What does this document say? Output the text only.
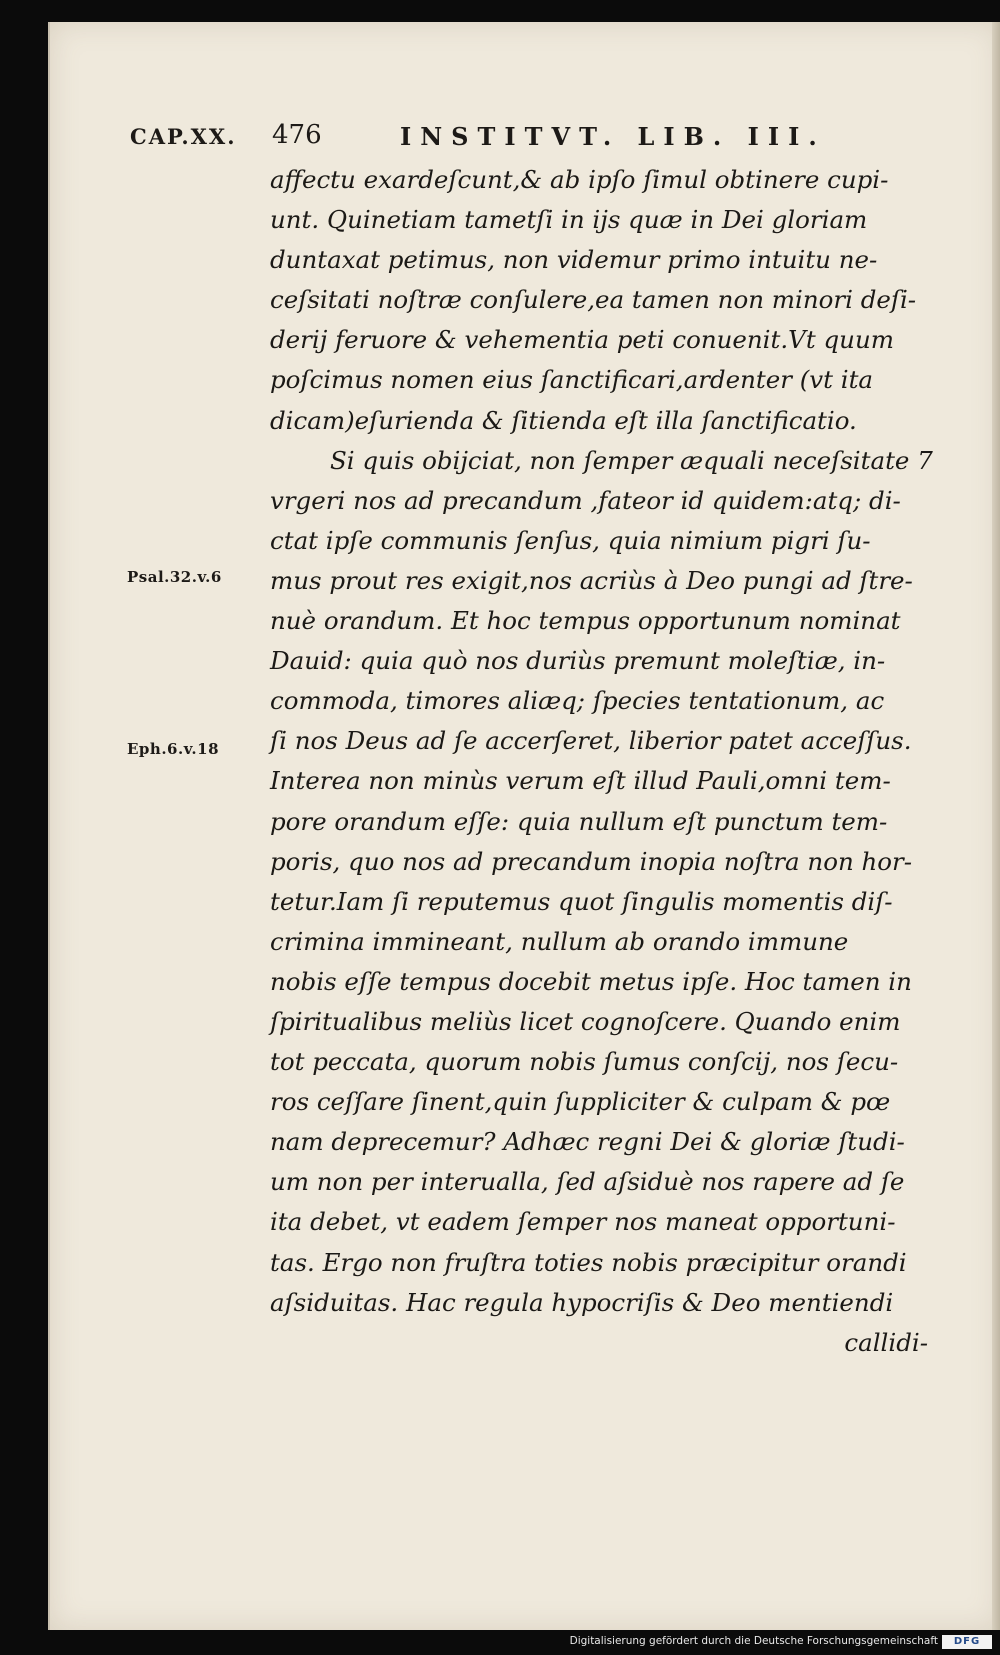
CAP.XX. 476	INSTITVT. LIB. III.
Psal.32.v.6
Eph.6.v.18
affectu exardeſcunt,& ab ipſo ſimul obtinere cupi-
unt. Quinetiam tametſi in ijs quæ in Dei gloriam
duntaxat petimus, non videmur primo intuitu ne-
ceſsitati noſtræ conſulere,ea tamen non minori deſi-
derij feruore & vehementia peti conuenit.Vt quum
poſcimus nomen eius ſanctificari,ardenter (vt ita
dicam)eſurienda & ſitienda eſt illa ſanctificatio.
Si quis obijciat, non ſemper æquali neceſsitate 7
vrgeri nos ad precandum ,fateor id quidem:atq; di-
ctat ipſe communis ſenſus, quia nimium pigri ſu-
mus prout res exigit,nos acriùs à Deo pungi ad ſtre-
nuè orandum. Et hoc tempus opportunum nominat
Dauid: quia quò nos duriùs premunt moleſtiæ, in-
commoda, timores aliæq; ſpecies tentationum, ac
ſi nos Deus ad ſe accerſeret, liberior patet acceſſus.
Interea non minùs verum eſt illud Pauli,omni tem-
pore orandum eſſe: quia nullum eſt punctum tem-
poris, quo nos ad precandum inopia noſtra non hor-
tetur.Iam ſi reputemus quot ſingulis momentis diſ-
crimina immineant, nullum ab orando immune
nobis eſſe tempus docebit metus ipſe. Hoc tamen in
ſpiritualibus meliùs licet cognoſcere. Quando enim
tot peccata, quorum nobis ſumus conſcij, nos ſecu-
ros ceſſare ſinent,quin ſuppliciter & culpam & pœ
nam deprecemur? Adhæc regni Dei & gloriæ ſtudi-
um non per interualla, ſed aſsiduè nos rapere ad ſe
ita debet, vt eadem ſemper nos maneat opportuni-
tas. Ergo non fruſtra toties nobis præcipitur orandi
aſsiduitas. Hac regula hypocriſis & Deo mentiendi
callidi-
Digitalisierung gefördert durch die Deutsche Forschungsgemeinschaft	DFG
